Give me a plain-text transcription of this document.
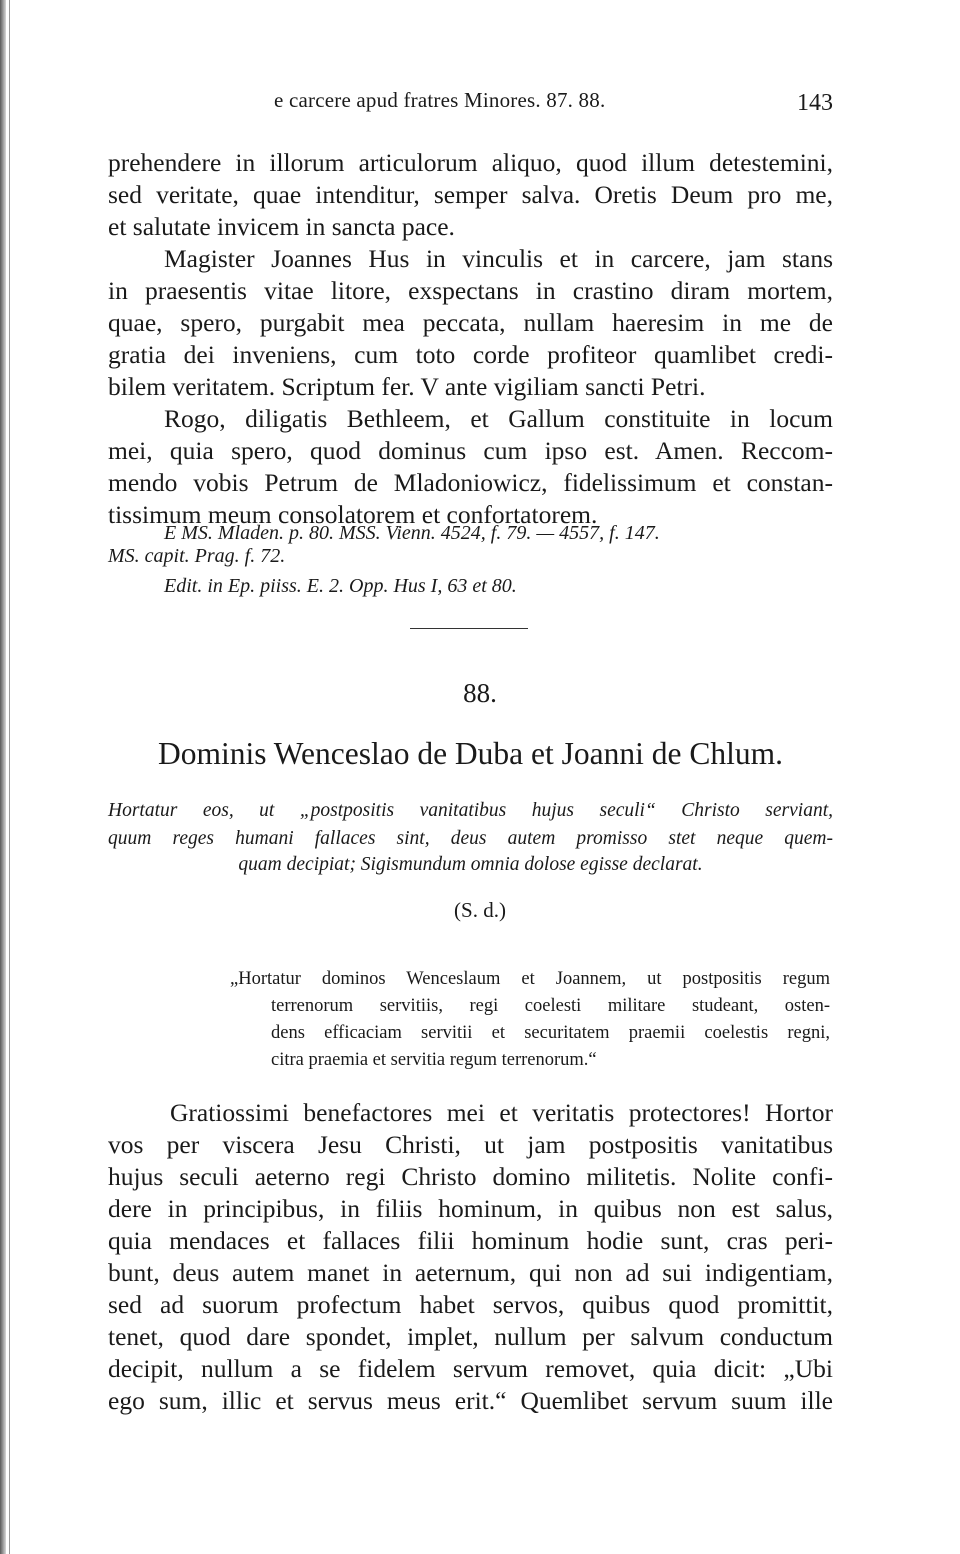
e carcere apud fratres Minores. 87. 88.	143
prehendere in illorum articulorum aliquo, quod illum detestemini,
sed veritate, quae intenditur, semper salva. Oretis Deum pro me,
et salutate invicem in sancta pace.
Magister Joannes Hus in vinculis et in carcere, jam stans
in praesentis vitae litore, exspectans in crastino diram mortem,
quae, spero, purgabit mea peccata, nullam haeresim in me de
gratia dei inveniens, cum toto corde profiteor quamlibet credi-
bilem veritatem. Scriptum fer. V ante vigiliam sancti Petri.
Rogo, diligatis Bethleem, et Gallum constituite in locum
mei, quia spero, quod dominus cum ipso est. Amen. Reccom-
mendo vobis Petrum de Mladoniowicz, fidelissimum et constan-
tissimum meum consolatorem et confortatorem.
E MS. Mladen. p. 80. MSS. Vienn. 4524, f. 79. — 4557, f. 147.
MS. capit. Prag. f. 72.
Edit. in Ep. piiss. E. 2. Opp. Hus I, 63 et 80.
88.
Dominis Wenceslao de Duba et Joanni de Chlum.
Hortatur eos, ut „postpositis vanitatibus hujus seculi“ Christo serviant,
quum reges humani fallaces sint, deus autem promisso stet neque quem-
quam decipiat; Sigismundum omnia dolose egisse declarat.
(S. d.)
„Hortatur dominos Wenceslaum et Joannem, ut postpositis regum
terrenorum servitiis, regi coelesti militare studeant, osten-
dens efficaciam servitii et securitatem praemii coelestis regni,
citra praemia et servitia regum terrenorum.“
Gratiossimi benefactores mei et veritatis protectores! Hortor
vos per viscera Jesu Christi, ut jam postpositis vanitatibus
hujus seculi aeterno regi Christo domino militetis. Nolite confi-
dere in principibus, in filiis hominum, in quibus non est salus,
quia mendaces et fallaces filii hominum hodie sunt, cras peri-
bunt, deus autem manet in aeternum, qui non ad sui indigentiam,
sed ad suorum profectum habet servos, quibus quod promittit,
tenet, quod dare spondet, implet, nullum per salvum conductum
decipit, nullum a se fidelem servum removet, quia dicit: „Ubi
ego sum, illic et servus meus erit.“ Quemlibet servum suum ille
